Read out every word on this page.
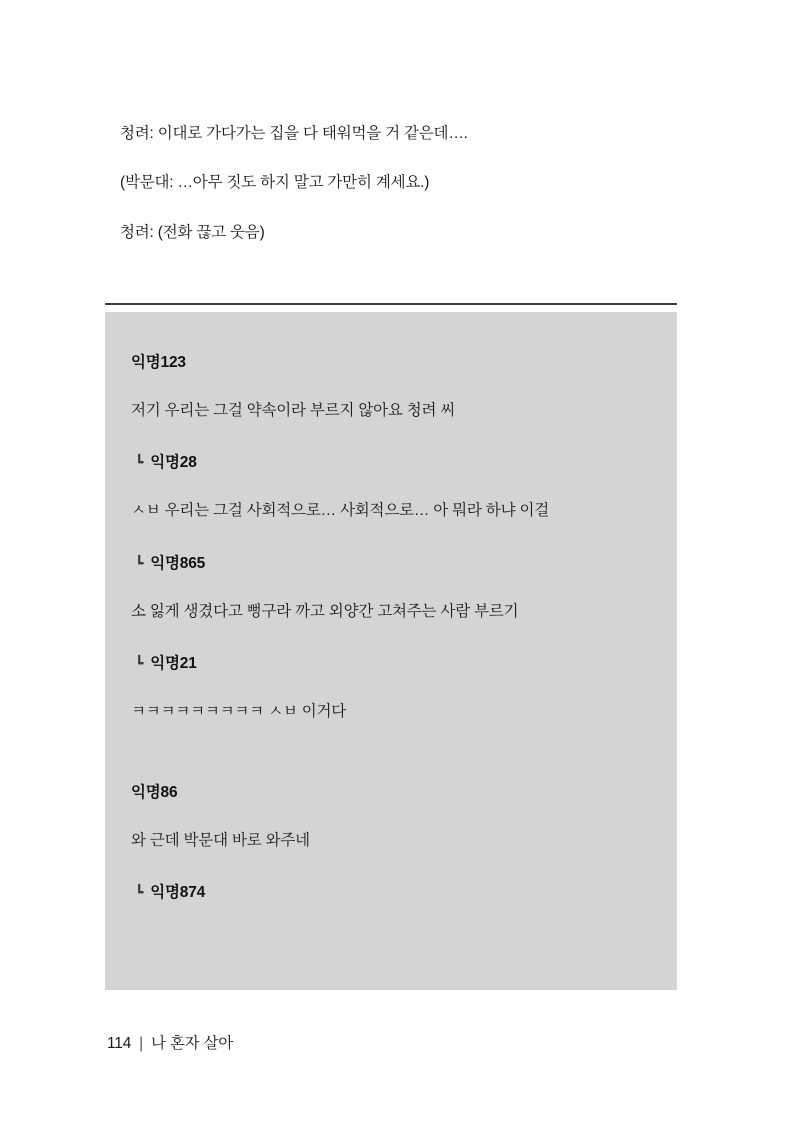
청려: 이대로 가다가는 집을 다 태워먹을 거 같은데….
(박문대: …아무 짓도 하지 말고 가만히 계세요.)
청려: (전화 끊고 웃음)
익명123
저기 우리는 그걸 약속이라 부르지 않아요 청려 씨
┗ 익명28
ㅅㅂ 우리는 그걸 사회적으로… 사회적으로… 아 뭐라 하냐 이걸
┗ 익명865
소 잃게 생겼다고 뻥구라 까고 외양간 고쳐주는 사람 부르기
┗ 익명21
ㅋㅋㅋㅋㅋㅋㅋㅋㅋ ㅅㅂ 이거다
익명86
와 근데 박문대 바로 와주네
┗ 익명874
114 | 나 혼자 살아
